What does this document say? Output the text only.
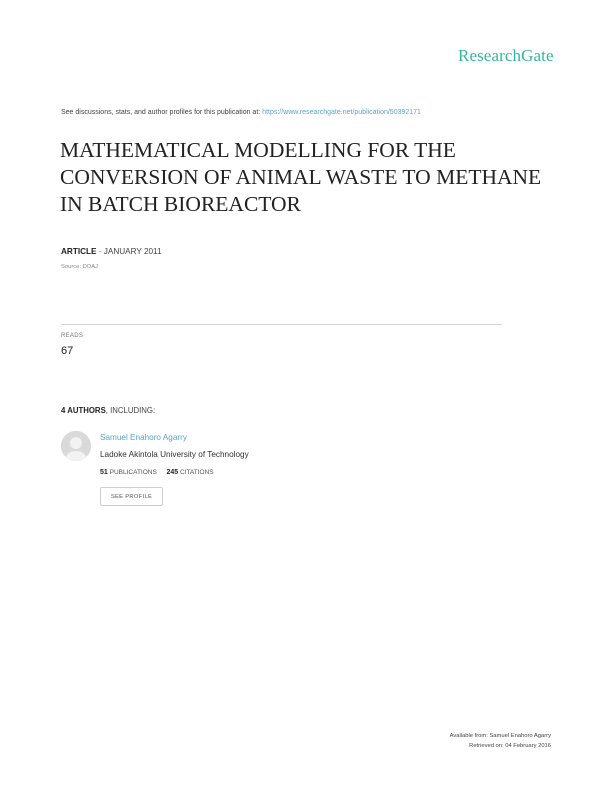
ResearchGate
See discussions, stats, and author profiles for this publication at: https://www.researchgate.net/publication/50392171
MATHEMATICAL MODELLING FOR THE
CONVERSION OF ANIMAL WASTE TO METHANE
IN BATCH BIOREACTOR
ARTICLE · JANUARY 2011
Source: DOAJ
READS
67
4 AUTHORS, INCLUDING:
Samuel Enahoro Agarry
Ladoke Akintola University of Technology
51 PUBLICATIONS 245 CITATIONS
SEE PROFILE
Available from: Samuel Enahoro Agarry
Retrieved on: 04 February 2016
